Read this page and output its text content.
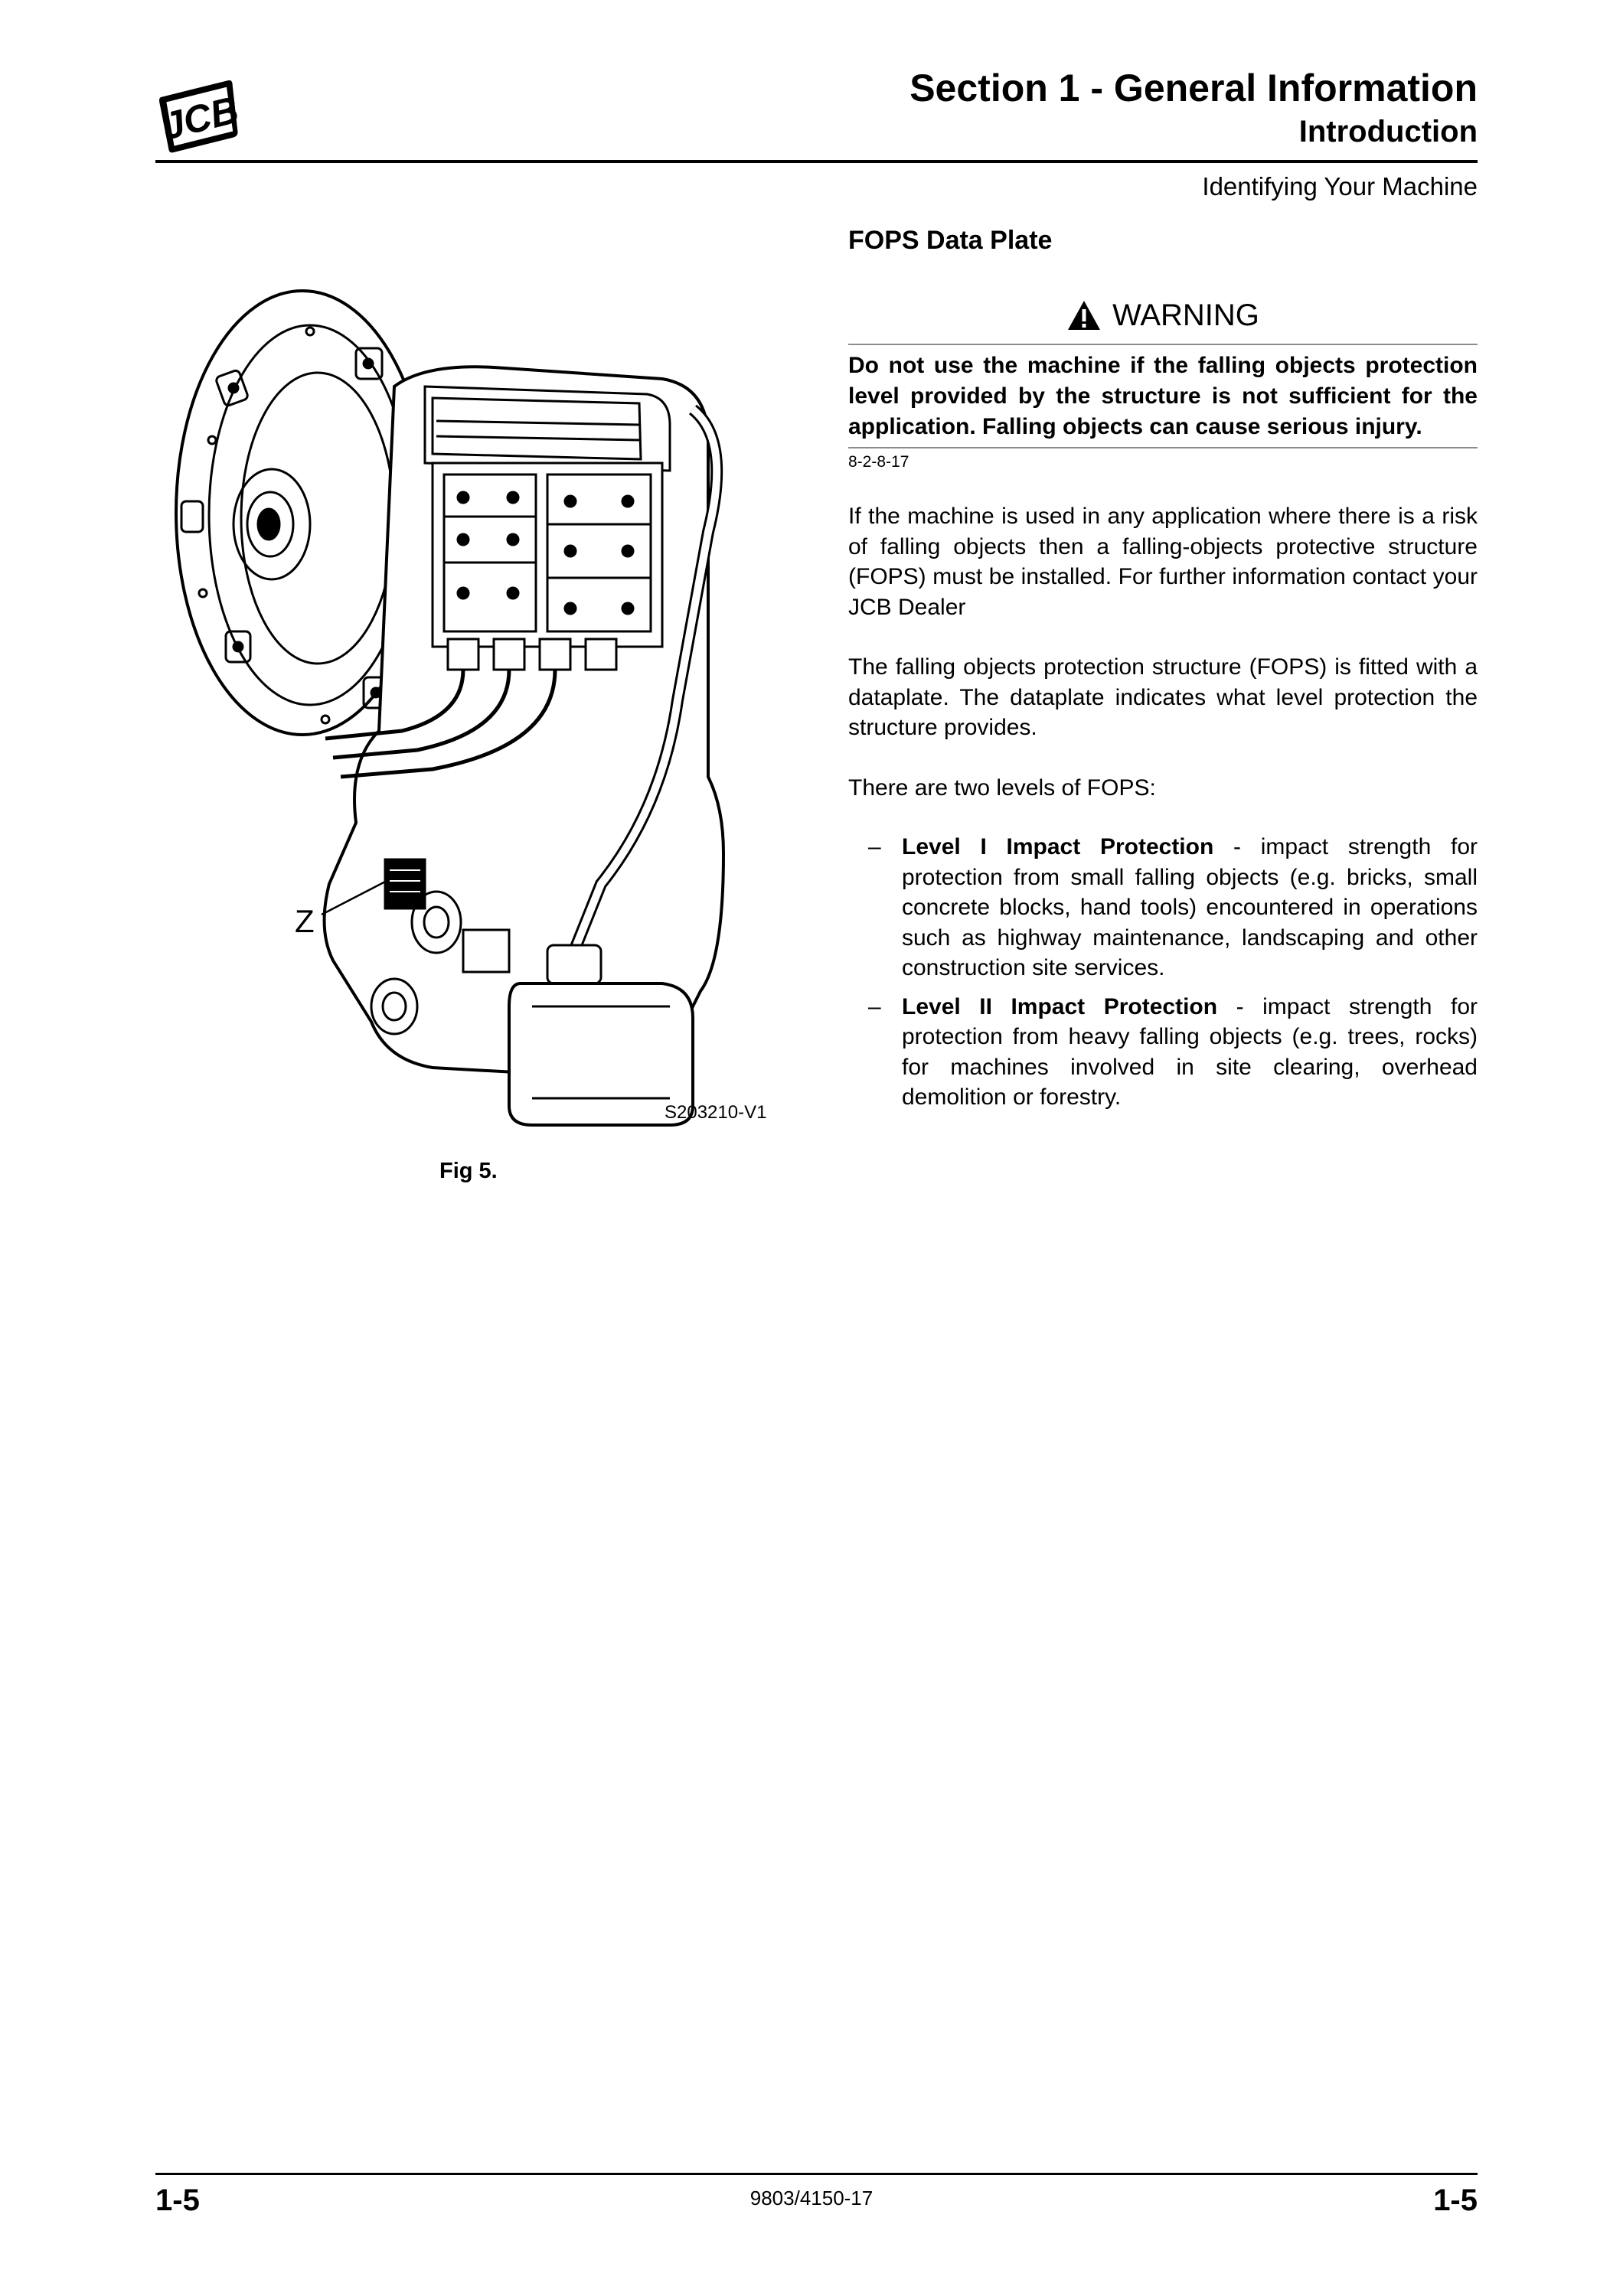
JCB
Section 1 - General Information
Introduction
Identifying Your Machine
FOPS Data Plate
WARNING
Do not use the machine if the falling objects protection level provided by the structure is not sufficient for the application. Falling objects can cause serious injury.
8-2-8-17
If the machine is used in any application where there is a risk of falling objects then a falling-objects protective structure (FOPS) must be installed. For further information contact your JCB Dealer
The falling objects protection structure (FOPS) is fitted with a dataplate. The dataplate indicates what level protection the structure provides.
There are two levels of FOPS:
– Level I Impact Protection - impact strength for protection from small falling objects (e.g. bricks, small concrete blocks, hand tools) encountered in operations such as highway maintenance, landscaping and other construction site services.
– Level II Impact Protection - impact strength for protection from heavy falling objects (e.g. trees, rocks) for machines involved in site clearing, overhead demolition or forestry.
Z
S203210-V1
Fig 5.
1-5	9803/4150-17	1-5
